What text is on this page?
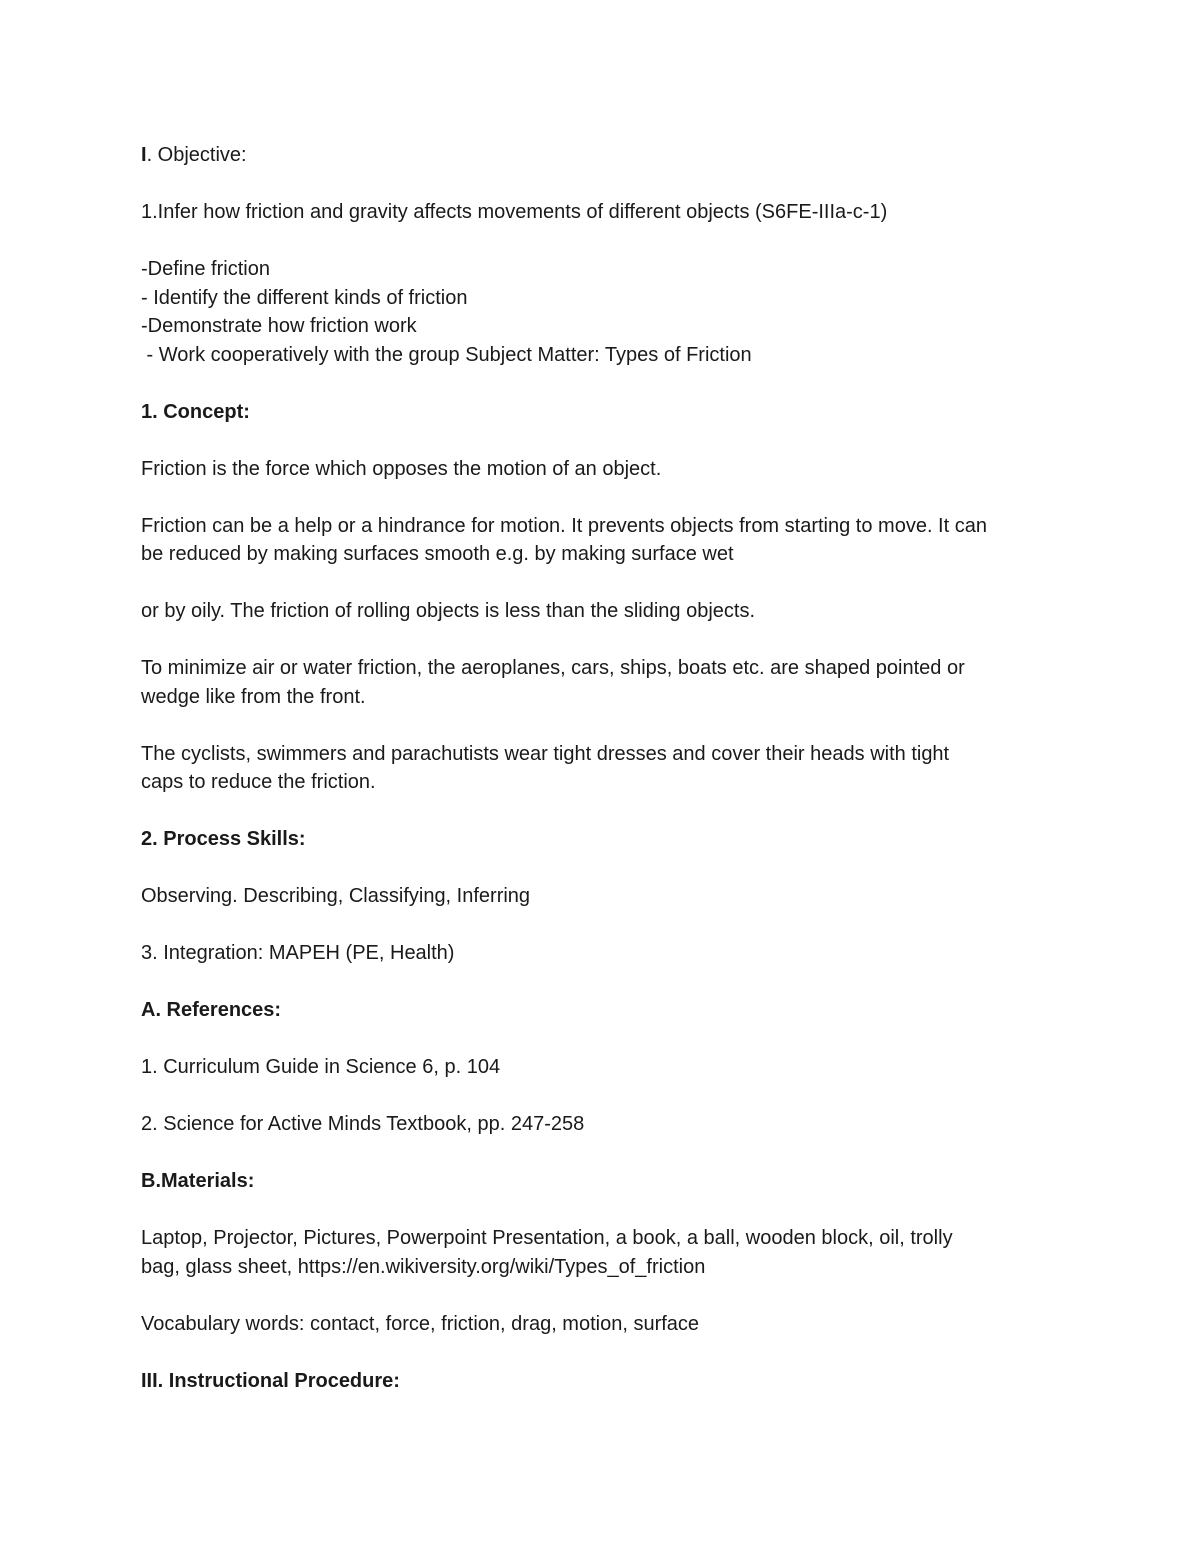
I. Objective:

1.Infer how friction and gravity affects movements of different objects (S6FE-IIIa-c-1)

-Define friction

- Identify the different kinds of friction

-Demonstrate how friction work

- Work cooperatively with the group Subject Matter: Types of Friction

1. Concept:

Friction is the force which opposes the motion of an object.

Friction can be a help or a hindrance for motion. It prevents objects from starting to move. It can

be reduced by making surfaces smooth e.g. by making surface wet

or by oily. The friction of rolling objects is less than the sliding objects.

To minimize air or water friction, the aeroplanes, cars, ships, boats etc. are shaped pointed or

wedge like from the front.

The cyclists, swimmers and parachutists wear tight dresses and cover their heads with tight

caps to reduce the friction.

2. Process Skills:

Observing. Describing, Classifying, Inferring

3. Integration: MAPEH (PE, Health)

A. References:

1. Curriculum Guide in Science 6, p. 104

2. Science for Active Minds Textbook, pp. 247-258

B.Materials:

Laptop, Projector, Pictures, Powerpoint Presentation, a book, a ball, wooden block, oil, trolly

bag, glass sheet, https://en.wikiversity.org/wiki/Types_of_friction

Vocabulary words: contact, force, friction, drag, motion, surface

III. Instructional Procedure:
